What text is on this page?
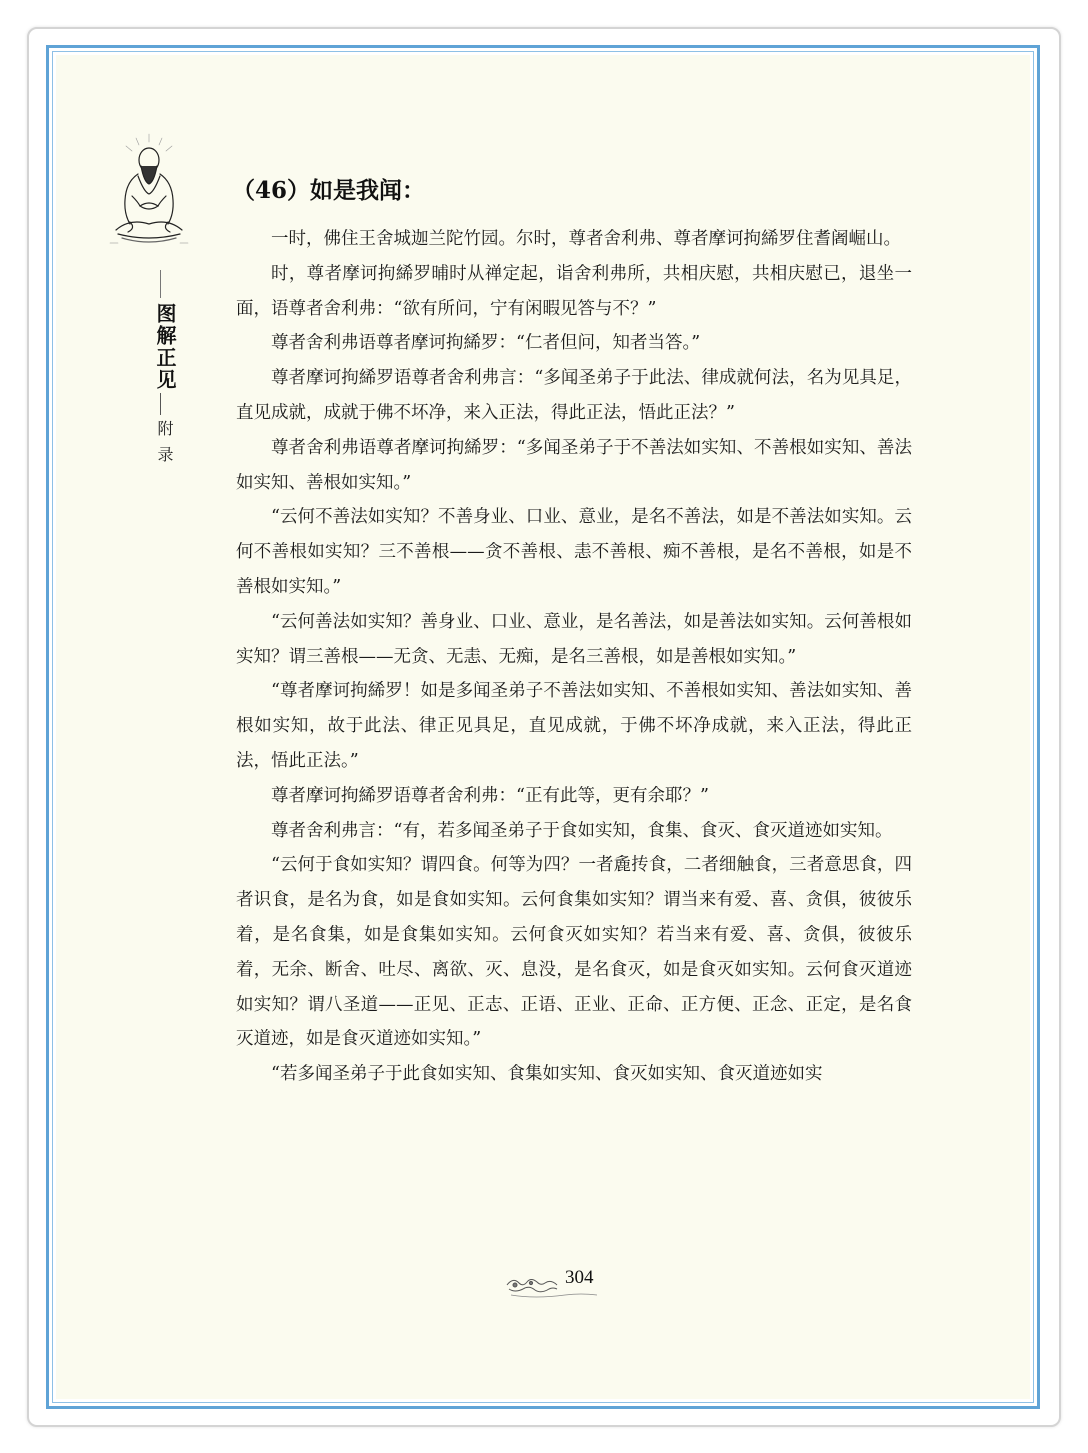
图解正见
附录
（46）如是我闻：

一时，佛住王舍城迦兰陀竹园。尔时，尊者舍利弗、尊者摩诃拘絺罗住耆阇崛山。

时，尊者摩诃拘絺罗晡时从禅定起，诣舍利弗所，共相庆慰，共相庆慰已，退坐一面，语尊者舍利弗：“欲有所问，宁有闲暇见答与不？”

尊者舍利弗语尊者摩诃拘絺罗：“仁者但问，知者当答。”

尊者摩诃拘絺罗语尊者舍利弗言：“多闻圣弟子于此法、律成就何法，名为见具足，直见成就，成就于佛不坏净，来入正法，得此正法，悟此正法？”

尊者舍利弗语尊者摩诃拘絺罗：“多闻圣弟子于不善法如实知、不善根如实知、善法如实知、善根如实知。”

“云何不善法如实知？不善身业、口业、意业，是名不善法，如是不善法如实知。云何不善根如实知？三不善根——贪不善根、恚不善根、痴不善根，是名不善根，如是不善根如实知。”

“云何善法如实知？善身业、口业、意业，是名善法，如是善法如实知。云何善根如实知？谓三善根——无贪、无恚、无痴，是名三善根，如是善根如实知。”

“尊者摩诃拘絺罗！如是多闻圣弟子不善法如实知、不善根如实知、善法如实知、善根如实知，故于此法、律正见具足，直见成就，于佛不坏净成就，来入正法，得此正法，悟此正法。”

尊者摩诃拘絺罗语尊者舍利弗：“正有此等，更有余耶？”

尊者舍利弗言：“有，若多闻圣弟子于食如实知，食集、食灭、食灭道迹如实知。

“云何于食如实知？谓四食。何等为四？一者麁抟食，二者细触食，三者意思食，四者识食，是名为食，如是食如实知。云何食集如实知？谓当来有爱、喜、贪俱，彼彼乐着，是名食集，如是食集如实知。云何食灭如实知？若当来有爱、喜、贪俱，彼彼乐着，无余、断舍、吐尽、离欲、灭、息没，是名食灭，如是食灭如实知。云何食灭道迹如实知？谓八圣道——正见、正志、正语、正业、正命、正方便、正念、正定，是名食灭道迹，如是食灭道迹如实知。”

“若多闻圣弟子于此食如实知、食集如实知、食灭如实知、食灭道迹如实

304
